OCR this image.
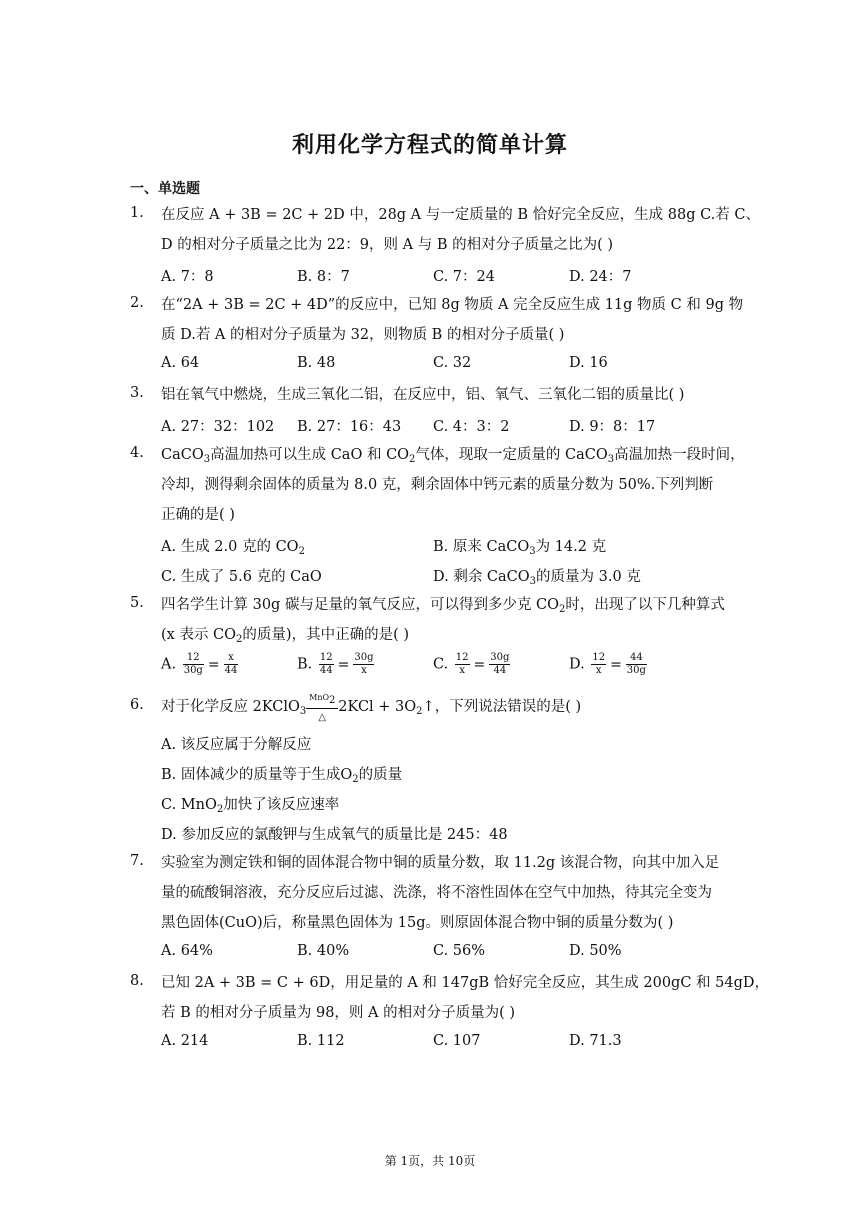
利用化学方程式的简单计算
一、单选题
1. 在反应 A + 3B = 2C + 2D 中，28g A 与一定质量的 B 恰好完全反应，生成 88g C.若 C、
D 的相对分子质量之比为 22：9，则 A 与 B 的相对分子质量之比为( )
A. 7：8	B. 8：7	C. 7：24	D. 24：7
2. 在“2A + 3B = 2C + 4D”的反应中，已知 8g 物质 A 完全反应生成 11g 物质 C 和 9g 物
质 D.若 A 的相对分子质量为 32，则物质 B 的相对分子质量( )
A. 64	B. 48	C. 32	D. 16
3. 铝在氧气中燃烧，生成三氧化二铝，在反应中，铝、氧气、三氧化二铝的质量比( )
A. 27：32：102 B. 27：16：43 C. 4：3：2	D. 9：8：17
4. CaCO$_3$高温加热可以生成 CaO 和 $CO_2$气体，现取一定质量的 CaCO$_3$高温加热一段时间，
冷却，测得剩余固体的质量为 8.0 克，剩余固体中钙元素的质量分数为 50%.下列判断
正确的是( )
A. 生成 2.0 克的 $CO_2$	B. 原来 CaCO$_3$为 14.2 克
C. 生成了 5.6 克的 CaO	D. 剩余 CaCO$_3$的质量为 3.0 克
5. 四名学生计算 30g 碳与足量的氧气反应，可以得到多少克 $CO_2$时，出现了以下几种算式
(x 表示 $CO_2$的质量)，其中正确的是( )
A. $\frac{12}{30g} = \frac{x}{44}$	B. $\frac{12}{44} = \frac{30g}{x}$	C. $\frac{12}{x} = \frac{30g}{44}$	D. $\frac{12}{x} = \frac{44}{30g}$
6. 对于化学反应 2KClO$_3$
MnO$_2$
△
$2KCl + 3O_2↑$，下列说法错误的是( )
A. 该反应属于分解反应
B. 固体减少的质量等于生成$O_2$的质量
C. MnO$_2$加快了该反应速率
D. 参加反应的氯酸钾与生成氧气的质量比是 245：48
7. 实验室为测定铁和铜的固体混合物中铜的质量分数，取 11.2g 该混合物，向其中加入足
量的硫酸铜溶液，充分反应后过滤、洗涤，将不溶性固体在空气中加热，待其完全变为
黑色固体(CuO)后，称量黑色固体为 15g。则原固体混合物中铜的质量分数为( )
A. 64%	B. 40%	C. 56%	D. 50%
8. 已知 2A + 3B = C + 6D，用足量的 A 和 147gB 恰好完全反应，其生成 200gC 和 54gD，
若 B 的相对分子质量为 98，则 A 的相对分子质量为( )
A. 214	B. 112	C. 107	D. 71.3
第 1页，共 10页
